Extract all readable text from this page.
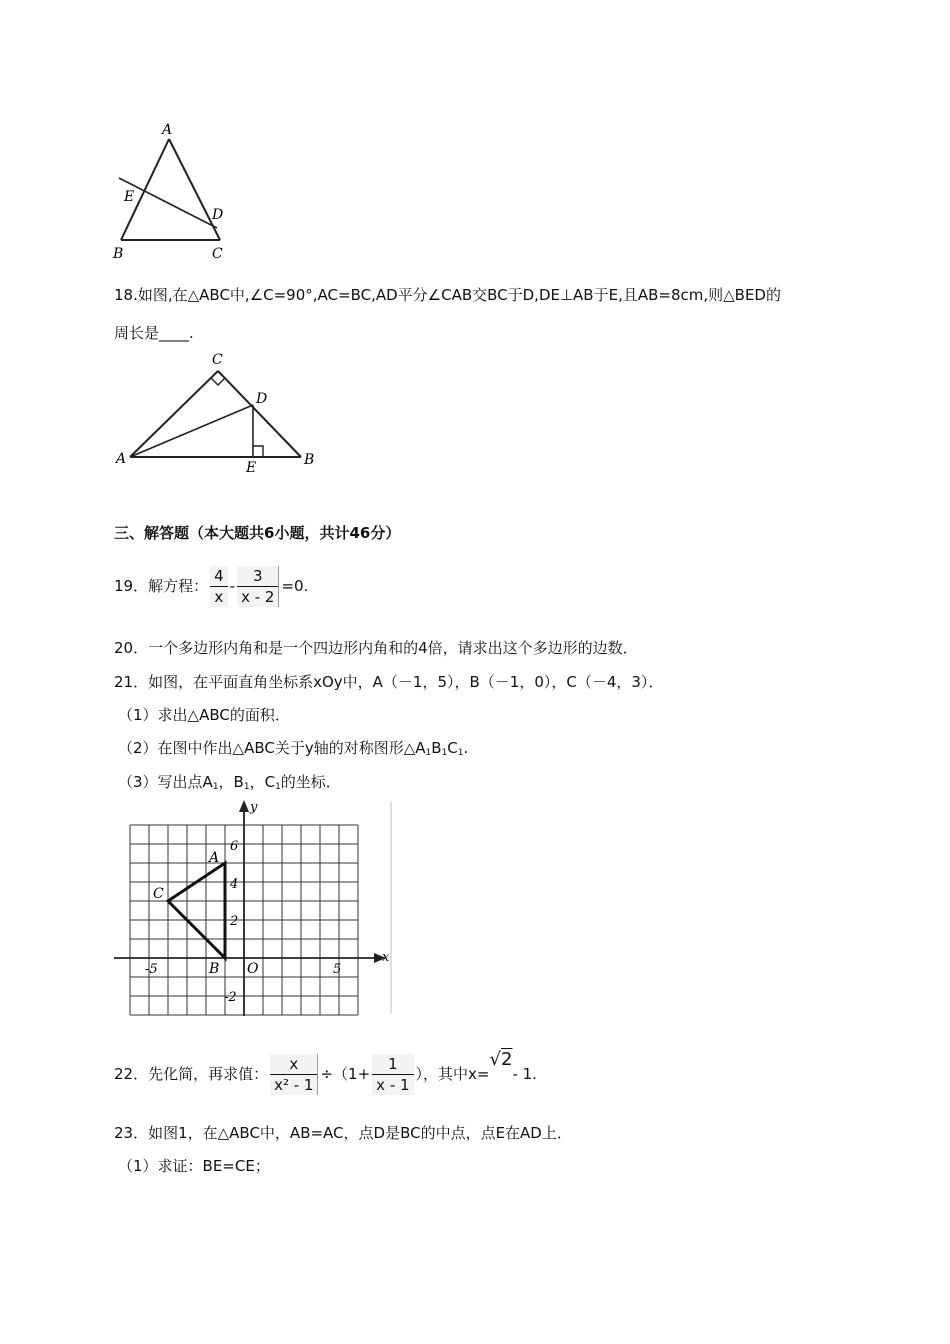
A
E
D
B	C
18.如图,在△ABC中,∠C=90°,AC=BC,AD平分∠CAB交BC于D,DE⊥AB于E,且AB=8cm,则△BED的
周长是____.
C
D
A
E	B
三、解答题（本大题共6小题，共计46分）
19．解方程： $\frac{4}{x} - \frac{3}{x - 2} =0$.
20．一个多边形内角和是一个四边形内角和的4倍，请求出这个多边形的边数．
21．如图，在平面直角坐标系xOy中，A（－1，5），B（－1，0），C（－4，3）．
（1）求出△ABC的面积．
（2）在图中作出△ABC关于y轴的对称图形$\triangle A_1B_1C_1$.
（3）写出点$A_1$，$B_1$，$C_1$的坐标．
x
y
O
-5	5
6
4
2
-2
A
C
B
22．先化简，再求值： $\frac{x}{\text{x² - 1}} \div(1+ \frac{1}{x - 1}$ ），其中x=√2- 1.
23．如图1，在△ABC中，AB=AC，点D是BC的中点，点E在AD上．
（1）求证：BE=CE；
